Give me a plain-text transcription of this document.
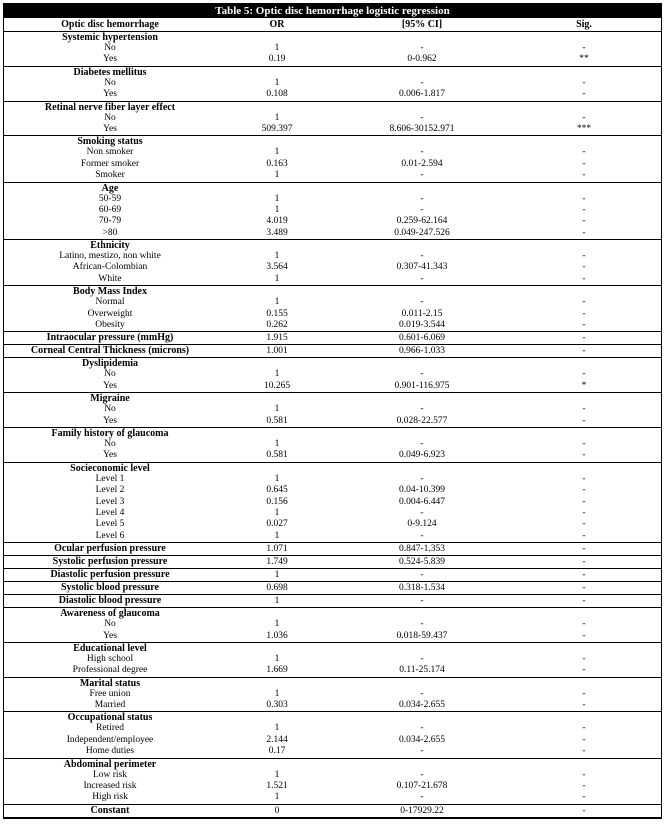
Table 5: Optic disc hemorrhage logistic regression
Optic disc hemorrhage	OR	[95% CI]	Sig.
Systemic hypertension
No	1	-	-
Yes	0.19	0-0.962	**
Diabetes mellitus
No	1	-	-
Yes	0.108	0.006-1.817	-
Retinal nerve fiber layer effect
No	1	-	-
Yes	509.397	8.606-30152.971	***
Smoking status
Non smoker	1	-	-
Former smoker	0.163	0.01-2.594	-
Smoker	1	-	-
Age
50-59	1	-	-
60-69	1	-	-
70-79	4.019	0.259-62.164	-
>80	3.489	0.049-247.526	-
Ethnicity
Latino, mestizo, non white	1	-	-
African-Colombian	3.564	0.307-41.343	-
White	1	-	-
Body Mass Index
Normal	1	-	-
Overweight	0.155	0.011-2.15	-
Obesity	0.262	0.019-3.544	-
Intraocular pressure (mmHg)	1.915	0.601-6.069	-
Corneal Central Thickness (microns)	1.001	0.966-1.033	-
Dyslipidemia
No	1	-	-
Yes	10.265	0.901-116.975	*
Migraine
No	1	-	-
Yes	0.581	0.028-22.577	-
Family history of glaucoma
No	1	-	-
Yes	0.581	0.049-6.923	-
Socieconomic level
Level 1	1	-	-
Level 2	0.645	0.04-10.399	-
Level 3	0.156	0.004-6.447	-
Level 4	1	-	-
Level 5	0.027	0-9.124	-
Level 6	1	-	-
Ocular perfusion pressure	1.071	0.847-1.353	-
Systolic perfusion pressure	1.749	0.524-5.839	-
Diastolic perfusion pressure	1	-	-
Systolic blood pressure	0.698	0.318-1.534	-
Diastolic blood pressure	1	-	-
Awareness of glaucoma
No	1	-	-
Yes	1.036	0.018-59.437	-
Educational level
High school	1	-	-
Professional degree	1.669	0.11-25.174	-
Marital status
Free union	1	-	-
Married	0.303	0.034-2.655	-
Occupational status
Retired	1	-	-
Independent/employee	2.144	0.034-2.655	-
Home duties	0.17	-	-
Abdominal perimeter
Low risk	1	-	-
Increased risk	1.521	0.107-21.678	-
High risk	1	-	-
Constant	0	0-17929.22	-
